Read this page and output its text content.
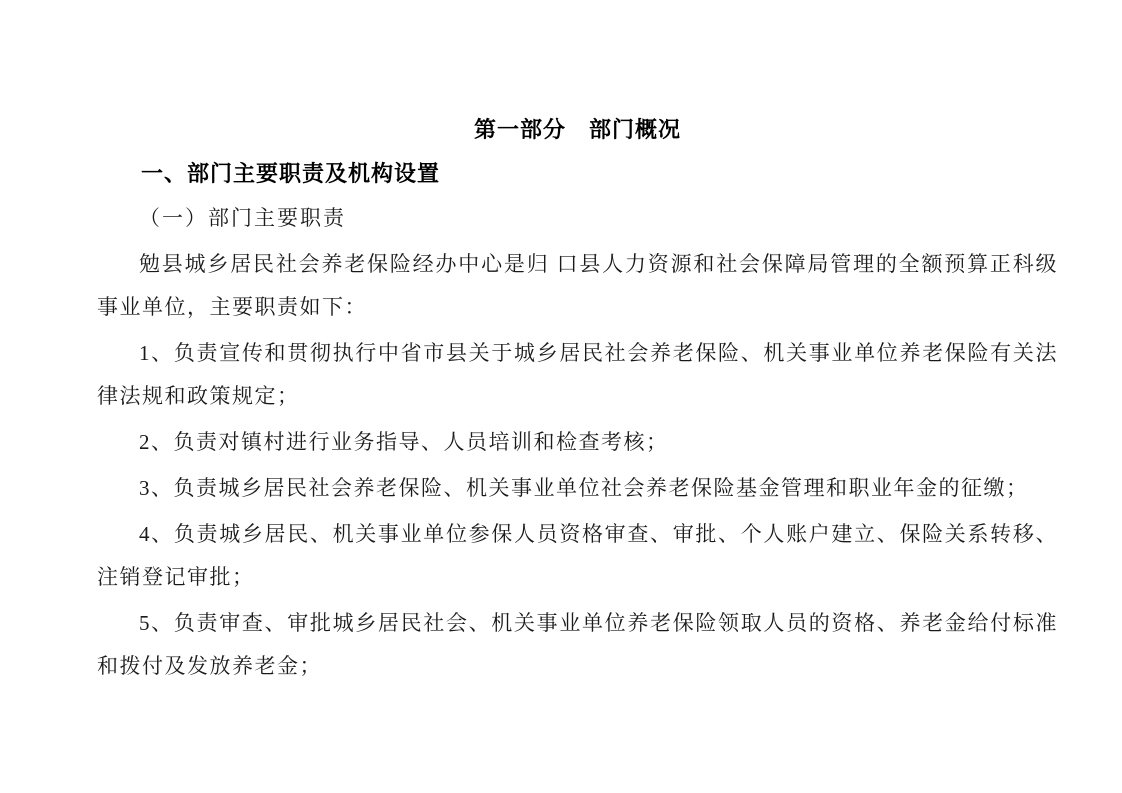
第一部分　部门概况
一、部门主要职责及机构设置
（一）部门主要职责

勉县城乡居民社会养老保险经办中心是归 口县人力资源和社会保障局管理的全额预算正科级事业单位，主要职责如下：

1、负责宣传和贯彻执行中省市县关于城乡居民社会养老保险、机关事业单位养老保险有关法律法规和政策规定；

2、负责对镇村进行业务指导、人员培训和检查考核；

3、负责城乡居民社会养老保险、机关事业单位社会养老保险基金管理和职业年金的征缴；

4、负责城乡居民、机关事业单位参保人员资格审查、审批、个人账户建立、保险关系转移、注销登记审批；

5、负责审查、审批城乡居民社会、机关事业单位养老保险领取人员的资格、养老金给付标准和拨付及发放养老金；
